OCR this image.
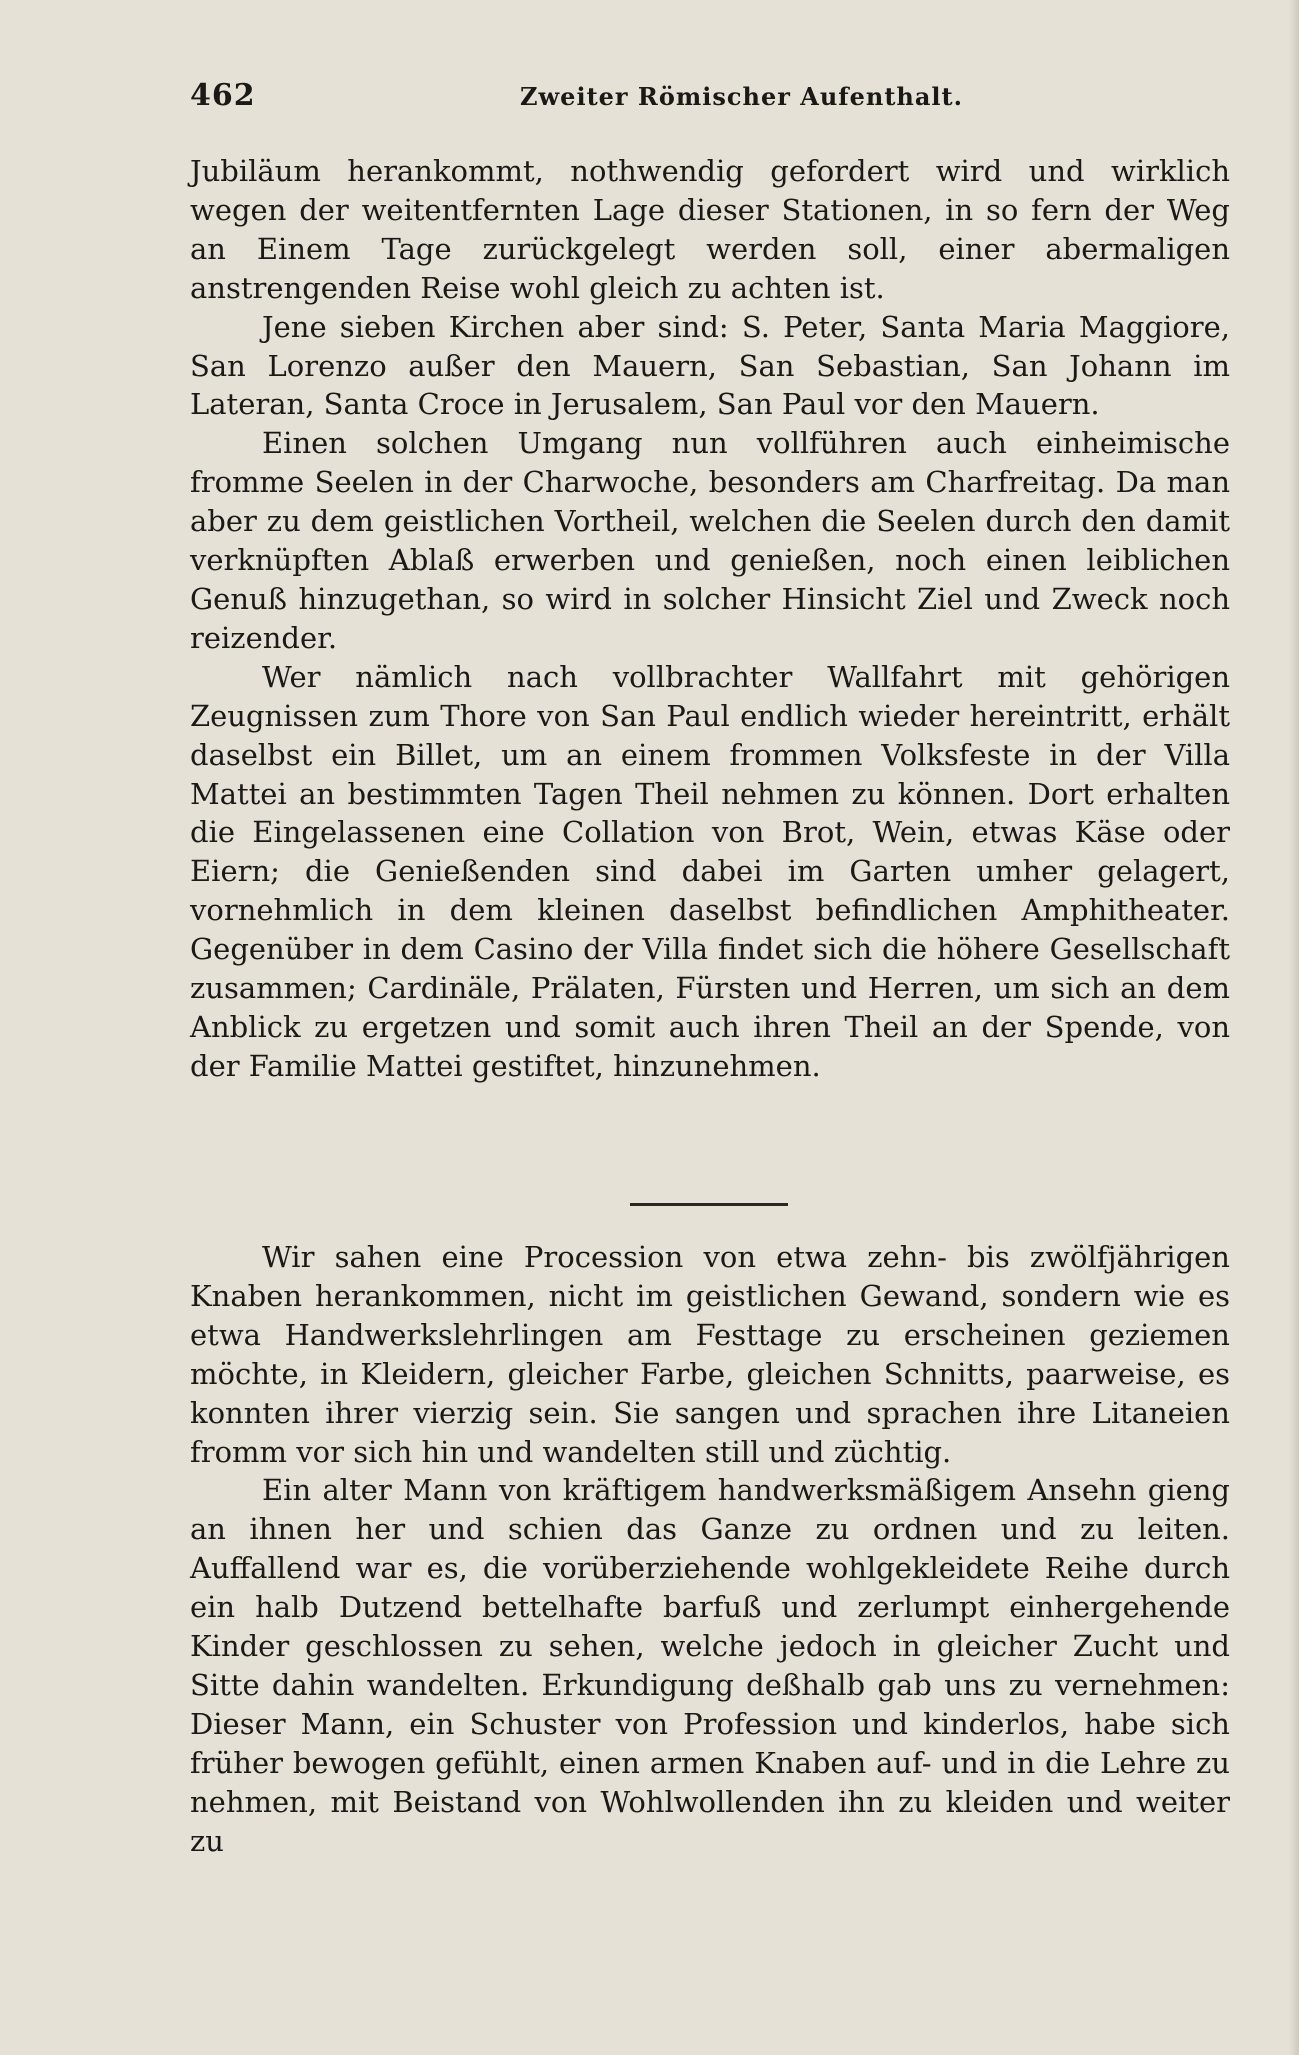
462	Zweiter Römischer Aufenthalt.

Jubiläum herankommt, nothwendig gefordert wird und wirklich wegen der weitentfernten Lage dieser Stationen, in so fern der Weg an Einem Tage zurückgelegt werden soll, einer abermaligen anstrengenden Reise wohl gleich zu achten ist.

Jene sieben Kirchen aber sind: S. Peter, Santa Maria Maggiore, San Lorenzo außer den Mauern, San Sebastian, San Johann im Lateran, Santa Croce in Jerusalem, San Paul vor den Mauern.

Einen solchen Umgang nun vollführen auch einheimische fromme Seelen in der Charwoche, besonders am Charfreitag. Da man aber zu dem geistlichen Vortheil, welchen die Seelen durch den damit verknüpften Ablaß erwerben und genießen, noch einen leiblichen Genuß hinzugethan, so wird in solcher Hinsicht Ziel und Zweck noch reizender.

Wer nämlich nach vollbrachter Wallfahrt mit gehörigen Zeugnissen zum Thore von San Paul endlich wieder hereintritt, erhält daselbst ein Billet, um an einem frommen Volksfeste in der Villa Mattei an bestimmten Tagen Theil nehmen zu können. Dort erhalten die Eingelassenen eine Collation von Brot, Wein, etwas Käse oder Eiern; die Genießenden sind dabei im Garten umher gelagert, vornehmlich in dem kleinen daselbst befindlichen Amphitheater. Gegenüber in dem Casino der Villa findet sich die höhere Gesellschaft zusammen; Cardinäle, Prälaten, Fürsten und Herren, um sich an dem Anblick zu ergetzen und somit auch ihren Theil an der Spende, von der Familie Mattei gestiftet, hinzunehmen.

Wir sahen eine Procession von etwa zehn- bis zwölfjährigen Knaben herankommen, nicht im geistlichen Gewand, sondern wie es etwa Handwerkslehrlingen am Festtage zu erscheinen geziemen möchte, in Kleidern, gleicher Farbe, gleichen Schnitts, paarweise, es konnten ihrer vierzig sein. Sie sangen und sprachen ihre Litaneien fromm vor sich hin und wandelten still und züchtig.

Ein alter Mann von kräftigem handwerksmäßigem Ansehn gieng an ihnen her und schien das Ganze zu ordnen und zu leiten. Auffallend war es, die vorüberziehende wohlgekleidete Reihe durch ein halb Dutzend bettelhafte barfuß und zerlumpt einhergehende Kinder geschlossen zu sehen, welche jedoch in gleicher Zucht und Sitte dahin wandelten. Erkundigung deßhalb gab uns zu vernehmen: Dieser Mann, ein Schuster von Profession und kinderlos, habe sich früher bewogen gefühlt, einen armen Knaben auf- und in die Lehre zu nehmen, mit Beistand von Wohlwollenden ihn zu kleiden und weiter zu
